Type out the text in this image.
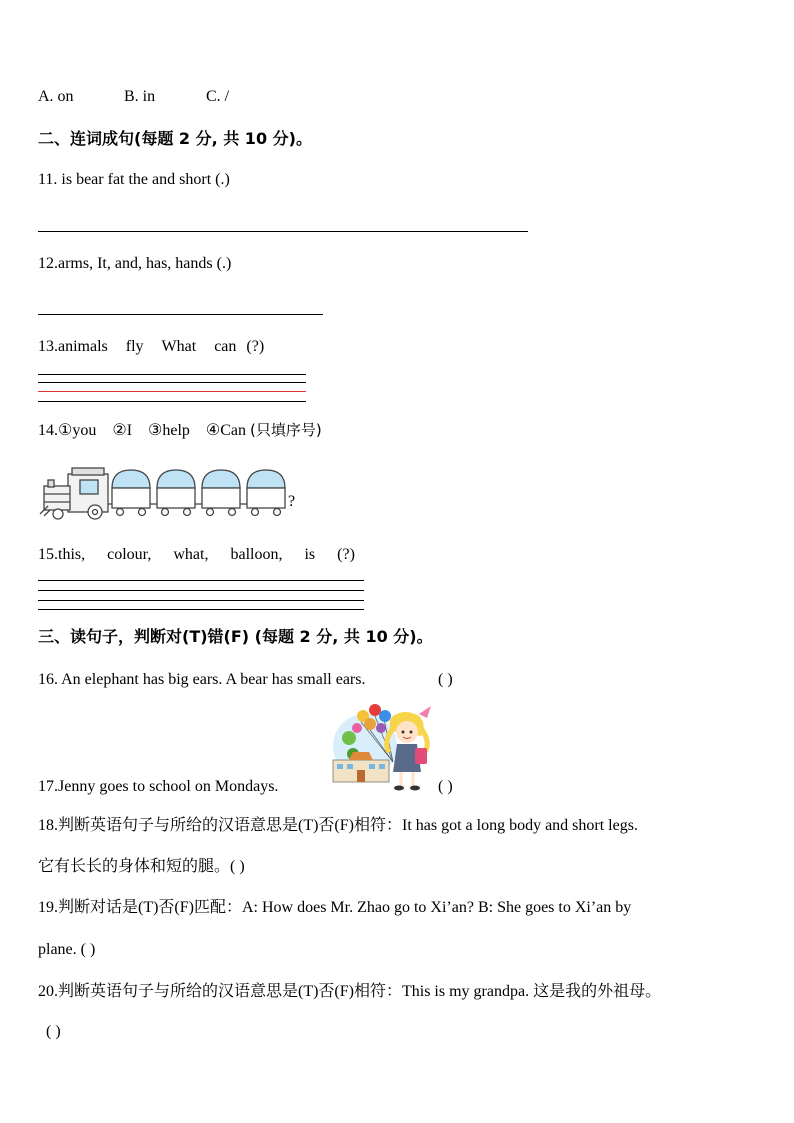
A. on	B. in	C. /
二、连词成句(每题 2 分, 共 10 分)。
11. is bear fat the and short (.)
12.arms, It, and, has, hands (.)
13.animals fly What can (?)
14.①you ②I ③help ④Can (只填序号)
?
15.this, colour, what, balloon, is (?)
三、读句子，判断对(T)错(F) (每题 2 分, 共 10 分)。
16. An elephant has big ears. A bear has small ears.	( )
17.Jenny goes to school on Mondays.	( )
18.判断英语句子与所给的汉语意思是(T)否(F)相符：It has got a long body and short legs.
它有长长的身体和短的腿。( )
19.判断对话是(T)否(F)匹配：A: How does Mr. Zhao go to Xi’an? B: She goes to Xi’an by
plane. ( )
20.判断英语句子与所给的汉语意思是(T)否(F)相符：This is my grandpa. 这是我的外祖母。
( )
